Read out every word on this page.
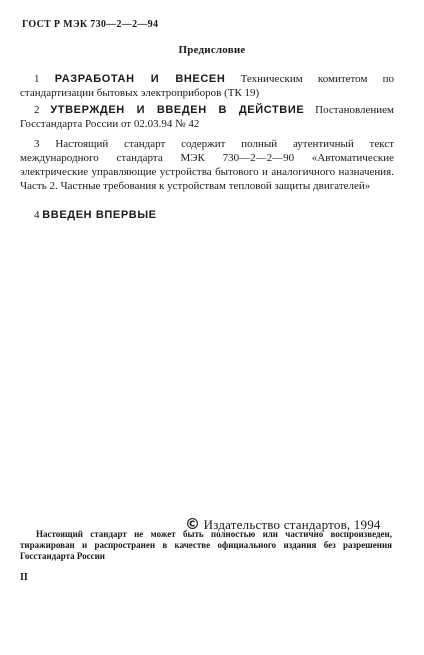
ГОСТ Р МЭК 730—2—2—94
Предисловие
1 РАЗРАБОТАН И ВНЕСЕН Техническим комитетом по стандартизации бытовых электроприборов (ТК 19)
2 УТВЕРЖДЕН И ВВЕДЕН В ДЕЙСТВИЕ Постановлением Госстандарта России от 02.03.94 № 42
3 Настоящий стандарт содержит полный аутентичный текст международного стандарта МЭК 730—2—2—90 «Автоматические электрические управляющие устройства бытового и аналогичного назначения. Часть 2. Частные требования к устройствам тепловой защиты двигателей»
4 ВВЕДЕН ВПЕРВЫЕ
© Издательство стандартов, 1994
Настоящий стандарт не может быть полностью или частично воспроизведен, тиражирован и распространен в качестве официального издания без разрешения Госстандарта России
II
